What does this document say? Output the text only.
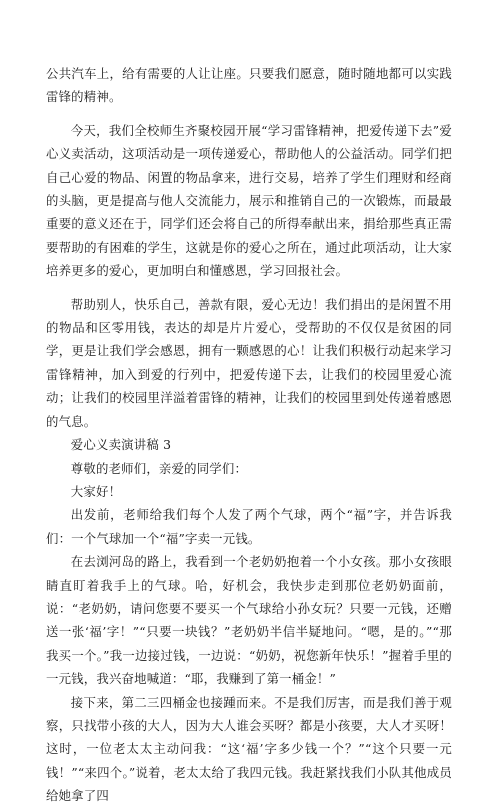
公共汽车上，给有需要的人让让座。只要我们愿意，随时随地都可以实践雷锋的精神。

今天，我们全校师生齐聚校园开展“学习雷锋精神，把爱传递下去”爱心义卖活动，这项活动是一项传递爱心，帮助他人的公益活动。同学们把自己心爱的物品、闲置的物品拿来，进行交易，培养了学生们理财和经商的头脑，更是提高与他人交流能力，展示和推销自己的一次锻炼，而最最重要的意义还在于，同学们还会将自己的所得奉献出来，捐给那些真正需要帮助的有困难的学生，这就是你的爱心之所在，通过此项活动，让大家培养更多的爱心，更加明白和懂感恩，学习回报社会。

帮助别人，快乐自己，善款有限，爱心无边！我们捐出的是闲置不用的物品和区零用钱，表达的却是片片爱心，受帮助的不仅仅是贫困的同学，更是让我们学会感恩，拥有一颗感恩的心！让我们积极行动起来学习雷锋精神，加入到爱的行列中，把爱传递下去，让我们的校园里爱心流动；让我们的校园里洋溢着雷锋的精神，让我们的校园里到处传递着感恩的气息。

爱心义卖演讲稿 3

尊敬的老师们，亲爱的同学们：

大家好！

出发前，老师给我们每个人发了两个气球，两个“福”字，并告诉我们：一个气球加一个“福”字卖一元钱。

在去浏河岛的路上，我看到一个老奶奶抱着一个小女孩。那小女孩眼睛直盯着我手上的气球。哈，好机会，我快步走到那位老奶奶面前，说：“老奶奶，请问您要不要买一个气球给小孙女玩？只要一元钱，还赠送一张‘福’字！”“只要一块钱？”老奶奶半信半疑地问。“嗯，是的。”“那我买一个。”我一边接过钱，一边说：“奶奶，祝您新年快乐！”握着手里的一元钱，我兴奋地喊道：“耶，我赚到了第一桶金！”

接下来，第二三四桶金也接踵而来。不是我们厉害，而是我们善于观察，只找带小孩的大人，因为大人谁会买呀？都是小孩要，大人才买呀！这时，一位老太太主动问我：“这‘福’字多少钱一个？”“这个只要一元钱！”“来四个。”说着，老太太给了我四元钱。我赶紧找我们小队其他成员给她拿了四
